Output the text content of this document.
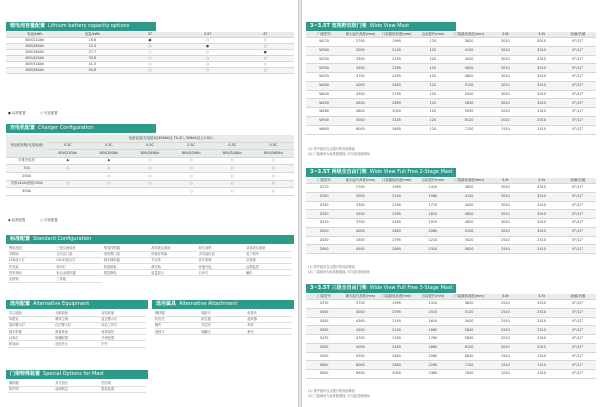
锂电池容量配置 Lithium battery capacity options
电池/kWh	电量/kWh	3T	3.5T	4T
80V/210Ah	16.8	●	○	○
80V/280Ah	22.4	○	●	○
80V/346Ah	27.7	○	○	●
80V/420Ah	33.6	○	○	○
80V/518Ah	41.5	○	○	○
80V/560Ah	44.8	○	○	○
● 标准配置	○ 可选配置
充电机配置 Charger Configuration
充电机规格(充电电流)	电池容量/充电倍率(306Ah以下0.3C, 306Ah以上0.5C)					
	0.3C	0.3C	0.5C	0.5C	0.5C	0.5C
	80V/210Ah	80V/280Ah	80V/346Ah	80V/420Ah	80V/518Ah	80V/560Ah
手推充电机	◆	◆	○	○	○	○
70A	○	○	○	○	○	○
200A		○	○	○	○	○
手推140A/插座150A	○	○	○	○	○	○
300A				○	○	○
◆ 标准配置	○ 可选配置
标准配置 Standard Configuration
锂电池组	三相交流电机	集成控制器	高效液压系统	轮式前桥	双泵液压系统
多路阀	全自由门架	宽视野门架	低噪音风扇	多功能仪表	电子刹车
LED前大灯	LED后组合灯	倒车蜂鸣器	安全带	扶手座椅	后视镜
护顶架	转向灯	防滑踏板	静音胎	快速充电	远程监控
驻车制动	铝合金散热器	紧急断电	电量显示	行车灯	喇叭
后拖钩	工具箱
选用配置 Alternative Equipment
实心轮胎	无痕轮胎	双前轮胎
驾驶室	暖风空调	蓝色警示灯
旋转警示灯	红区警示灯	前后工作灯
倒车影像	称重系统	座椅加热
LED灯	防爆配置	冷库配置
附加阀	加长货叉	护栏
选用属具 Alternative Attachment
侧移器	调距叉	纸卷夹
软包夹	推拉器	旋转器
桶夹	多层夹	串杆
前移叉	倾翻叉	抱夹
门架特殊装置 Special Options for Mast
侧移器	货叉加长	挡货架
防护网	前倾锁定	限高装置
3~3.5T 宽视野双级门架 Wide View Mast
门架型号	最大起升高度(mm)	门架最低高度(mm)	自由提升(mm)	门架最高高度(mm)	3.0t	3.5t	前倾/后倾
W270	2700	1995	120	3820	3010	3010	6°/12°
W300	3000	2145	120	4120	3010	3010	6°/12°
W330	3300	2295	120	4420	3010	3010	6°/12°
W350	3500	2395	120	4620	3010	3010	6°/12°
W370	3700	2495	120	4820	3010	3010	6°/12°
W400	4000	2645	120	5120	3010	3010	6°/12°
W430	4300	2795	120	5420	3010	3010	6°/12°
W450	4500	2895	120	5620	3010	3010	6°/12°
W480	4800	3045	120	5920	2010	2010	6°/12°
W500	5000	3145	120	6120	2010	2010	6°/12°
W600	6000	3645	120	7120	1510	1510	6°/12°
(1) 带护板时自由提升的高度降低
(2) 门架倾角为标准配置值, 可另选其他倾角
3~3.5T 两级全自由门架 Wide View Full Free 2-Stage Mast
门架型号	最大起升高度(mm)	门架最低高度(mm)	自由提升(mm)	门架最高高度(mm)	3.0t	3.5t	前倾/后倾
Z270	2700	1995	1410	3820	3010	3010	6°/12°
Z300	3000	2145	1560	4120	3010	3010	6°/12°
Z330	3300	2295	1710	4420	3010	3010	6°/12°
Z350	3500	2395	1810	4620	3010	3010	6°/12°
Z370	3700	2495	1910	4820	3010	3010	6°/12°
Z400	4000	2645	2060	5120	3010	3010	6°/12°
Z430	4300	2795	2210	5420	2510	2510	6°/12°
Z450	4500	2895	2310	5620	2510	2510	6°/12°
(1) 带护板时自由提升的高度降低
(2) 门架倾角为标准配置值, 可另选其他倾角
3~3.5T 三级全自由门架 Wide View Full Free 3-Stage Mast
门架型号	最大起升高度(mm)	门架最低高度(mm)	自由提升(mm)	门架最高高度(mm)	3.0t	3.5t	前倾/后倾
S370	3700	1995	1410	4820	2510	2510	6°/12°
S400	4000	2095	1510	5120	2510	2510	6°/12°
S430	4300	2195	1610	5420	2510	2510	6°/12°
S450	4500	2245	1660	5620	2510	2510	6°/12°
S470	4700	2345	1760	5820	2010	2010	6°/12°
S500	5000	2445	1860	6120	2010	2010	6°/12°
S550	5500	2645	2060	6620	1510	1510	6°/12°
S600	6000	2845	2260	7120	1510	1510	6°/12°
S650	6500	3045	2460	7620	1010	1010	6°/12°
(1) 带护板时自由提升的高度降低
(2) 门架倾角为标准配置值, 可另选其他倾角
